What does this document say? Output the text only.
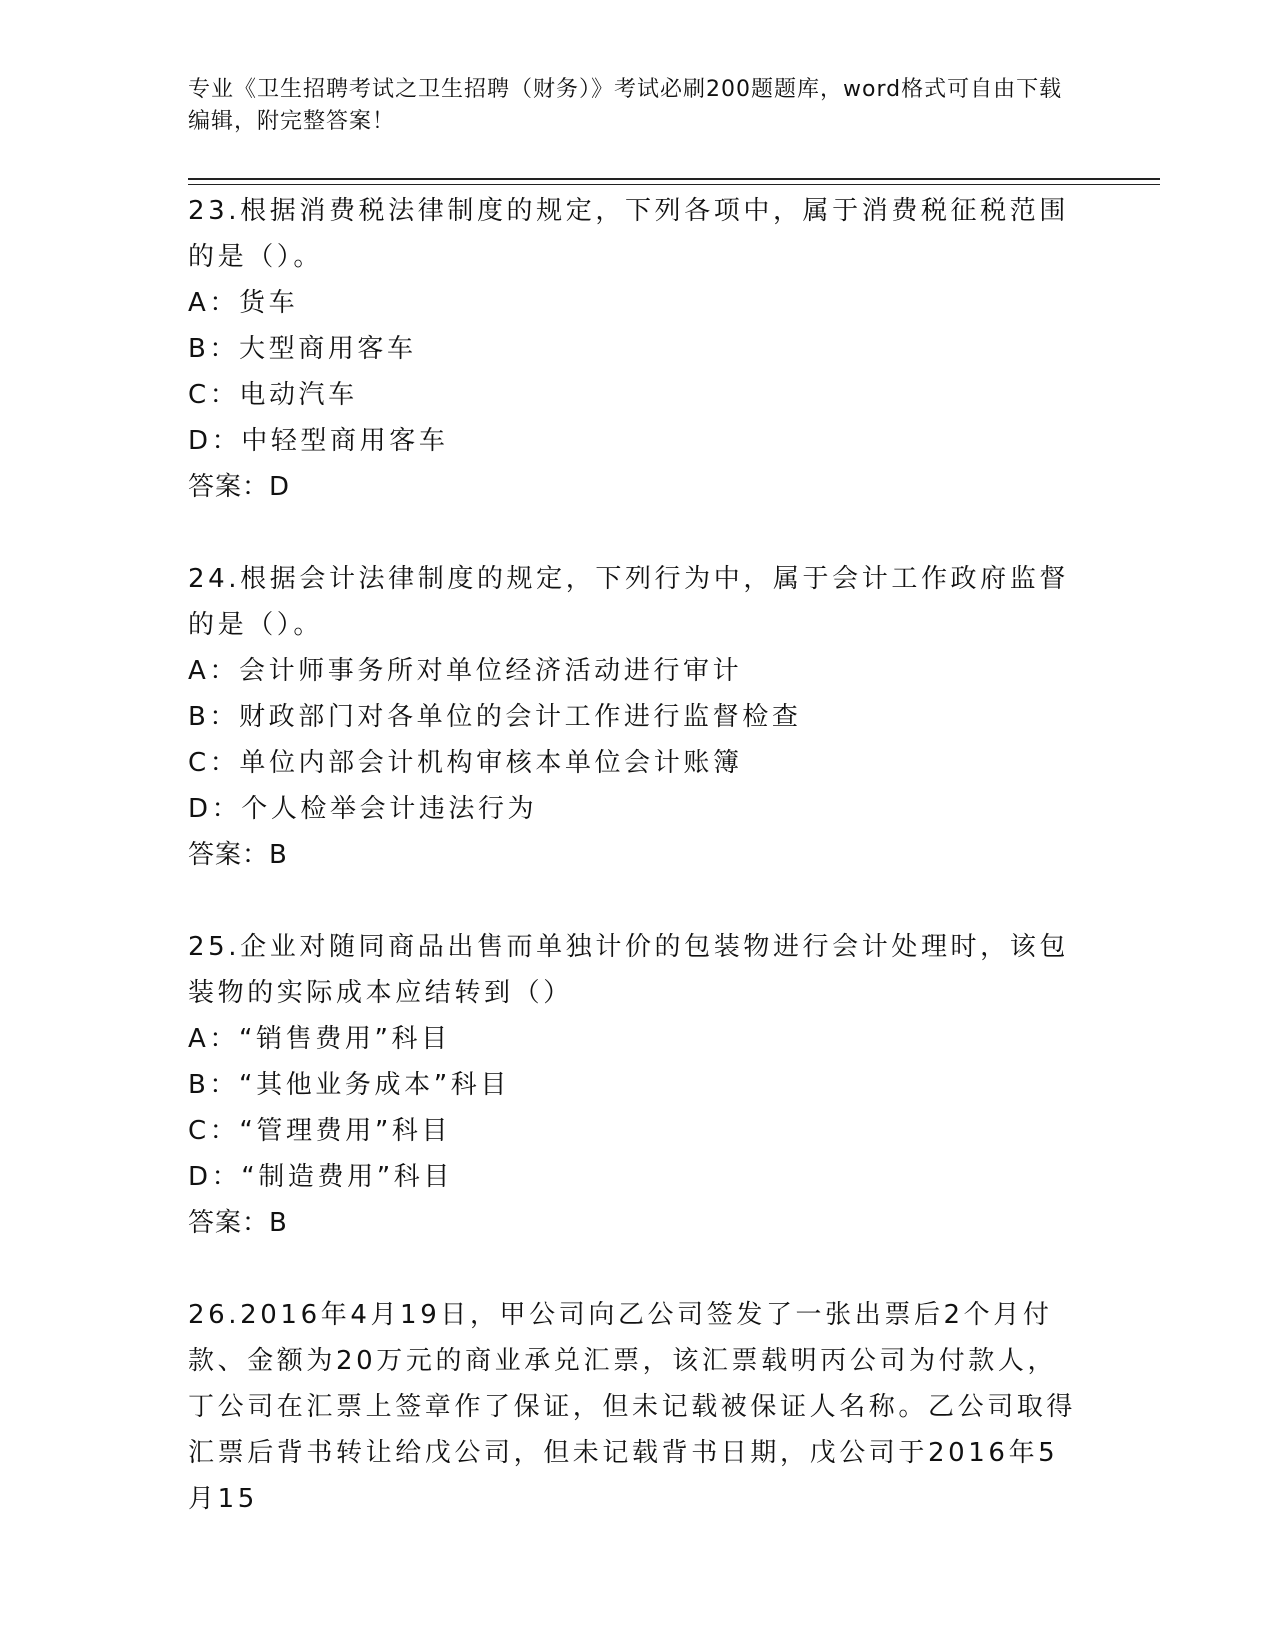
专业《卫生招聘考试之卫生招聘（财务）》考试必刷200题题库，word格式可自由下载编辑，附完整答案！
23.根据消费税法律制度的规定，下列各项中，属于消费税征税范围的是（）。
A：货车
B：大型商用客车
C：电动汽车
D：中轻型商用客车
答案：D
24.根据会计法律制度的规定，下列行为中，属于会计工作政府监督的是（）。
A：会计师事务所对单位经济活动进行审计
B：财政部门对各单位的会计工作进行监督检查
C：单位内部会计机构审核本单位会计账簿
D：个人检举会计违法行为
答案：B
25.企业对随同商品出售而单独计价的包装物进行会计处理时，该包装物的实际成本应结转到（）
A：“销售费用”科目
B：“其他业务成本”科目
C：“管理费用”科目
D：“制造费用”科目
答案：B
26.2016年4月19日，甲公司向乙公司签发了一张出票后2个月付款、金额为20万元的商业承兑汇票，该汇票载明丙公司为付款人，丁公司在汇票上签章作了保证，但未记载被保证人名称。乙公司取得汇票后背书转让给戊公司，但未记载背书日期，戊公司于2016年5月15
